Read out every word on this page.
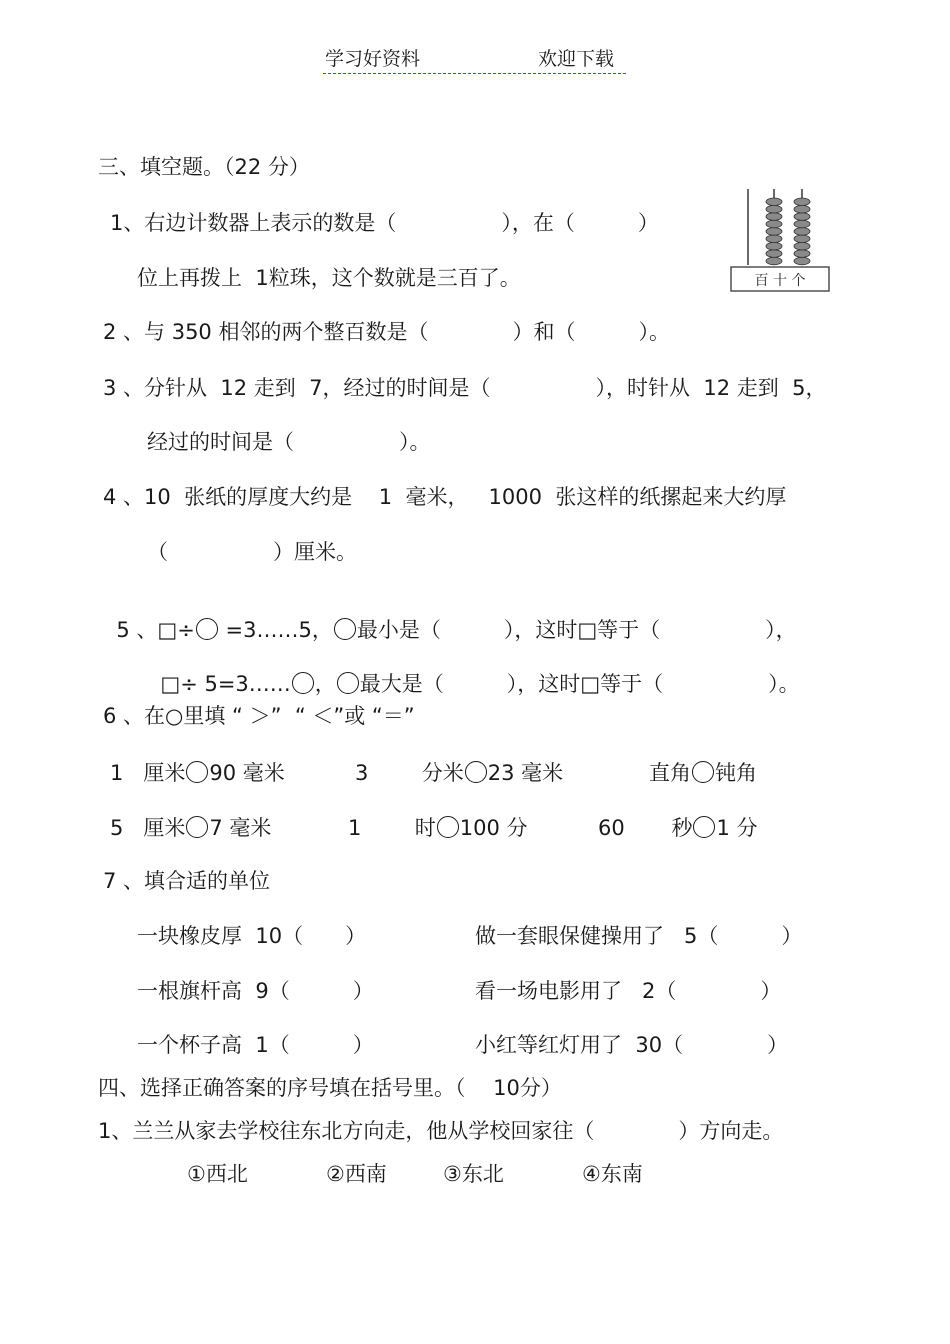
学习好资料	欢迎下载
三、填空题。（22 分）
1、右边计数器上表示的数是（　　　　　），在（　　　）
位上再拨上  1粒珠，这个数就是三百了。	百 十 个
2 、与 350 相邻的两个整百数是（　　　　）和（　　　）。
3 、分针从  12 走到  7，经过的时间是（　　　　　），时针从  12 走到  5，
经过的时间是（　　　　　）。
4 、10  张纸的厚度大约是    1  毫米，   1000  张这样的纸摞起来大约厚
（　　　　　）厘米。

5 、□÷ =3……5， 最小是（　　　），这时□等于（　　　　　），

□÷ 5=3…… ， 最大是（　　　），这时□等于（　　　　　）。

6 、在○里填 “ ＞”  “ ＜”或 “＝”
1   厘米 90 毫米	3        分米 23 毫米	直角 钝角
5   厘米 7 毫米	1        时 100 分	60       秒 1 分
7 、填合适的单位
一块橡皮厚  10（　　）	做一套眼保健操用了   5（　　　）
一根旗杆高  9（　　　）	看一场电影用了   2（　　　　）
一个杯子高  1（　　　）	小红等红灯用了  30（　　　　）
四、选择正确答案的序号填在括号里。（　 10分）
1、兰兰从家去学校往东北方向走，他从学校回家往（　　　　）方向走。
①西北	②西南	③东北	④东南
